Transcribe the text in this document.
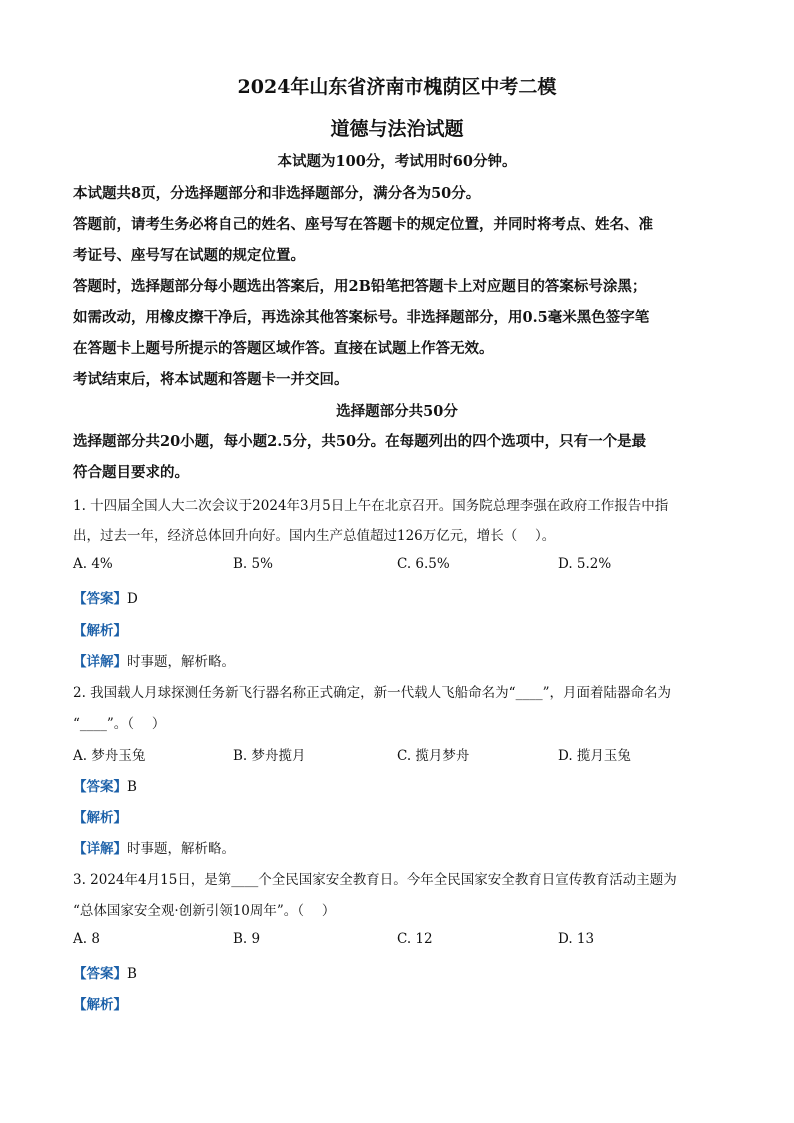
2024年山东省济南市槐荫区中考二模
道德与法治试题
本试题为100分，考试用时60分钟。
本试题共8页，分选择题部分和非选择题部分，满分各为50分。
答题前，请考生务必将自己的姓名、座号写在答题卡的规定位置，并同时将考点、姓名、准
考证号、座号写在试题的规定位置。
答题时，选择题部分每小题选出答案后，用2B铅笔把答题卡上对应题目的答案标号涂黑；
如需改动，用橡皮擦干净后，再选涂其他答案标号。非选择题部分，用0.5毫米黑色签字笔
在答题卡上题号所提示的答题区域作答。直接在试题上作答无效。
考试结束后，将本试题和答题卡一并交回。
选择题部分共50分
选择题部分共20小题，每小题2.5分，共50分。在每题列出的四个选项中，只有一个是最
符合题目要求的。
1. 十四届全国人大二次会议于2024年3月5日上午在北京召开。国务院总理李强在政府工作报告中指
出，过去一年，经济总体回升向好。国内生产总值超过126万亿元，增长（　 ）。
A. 4%	B. 5%	C. 6.5%	D. 5.2%
【答案】D
【解析】
【详解】时事题，解析略。
2. 我国载人月球探测任务新飞行器名称正式确定，新一代载人飞船命名为“____”，月面着陆器命名为
“____”。（　 ）
A. 梦舟玉兔	B. 梦舟揽月	C. 揽月梦舟	D. 揽月玉兔
【答案】B
【解析】
【详解】时事题，解析略。
3. 2024年4月15日，是第____个全民国家安全教育日。今年全民国家安全教育日宣传教育活动主题为
“总体国家安全观·创新引领10周年”。（　 ）
A. 8	B. 9	C. 12	D. 13
【答案】B
【解析】
